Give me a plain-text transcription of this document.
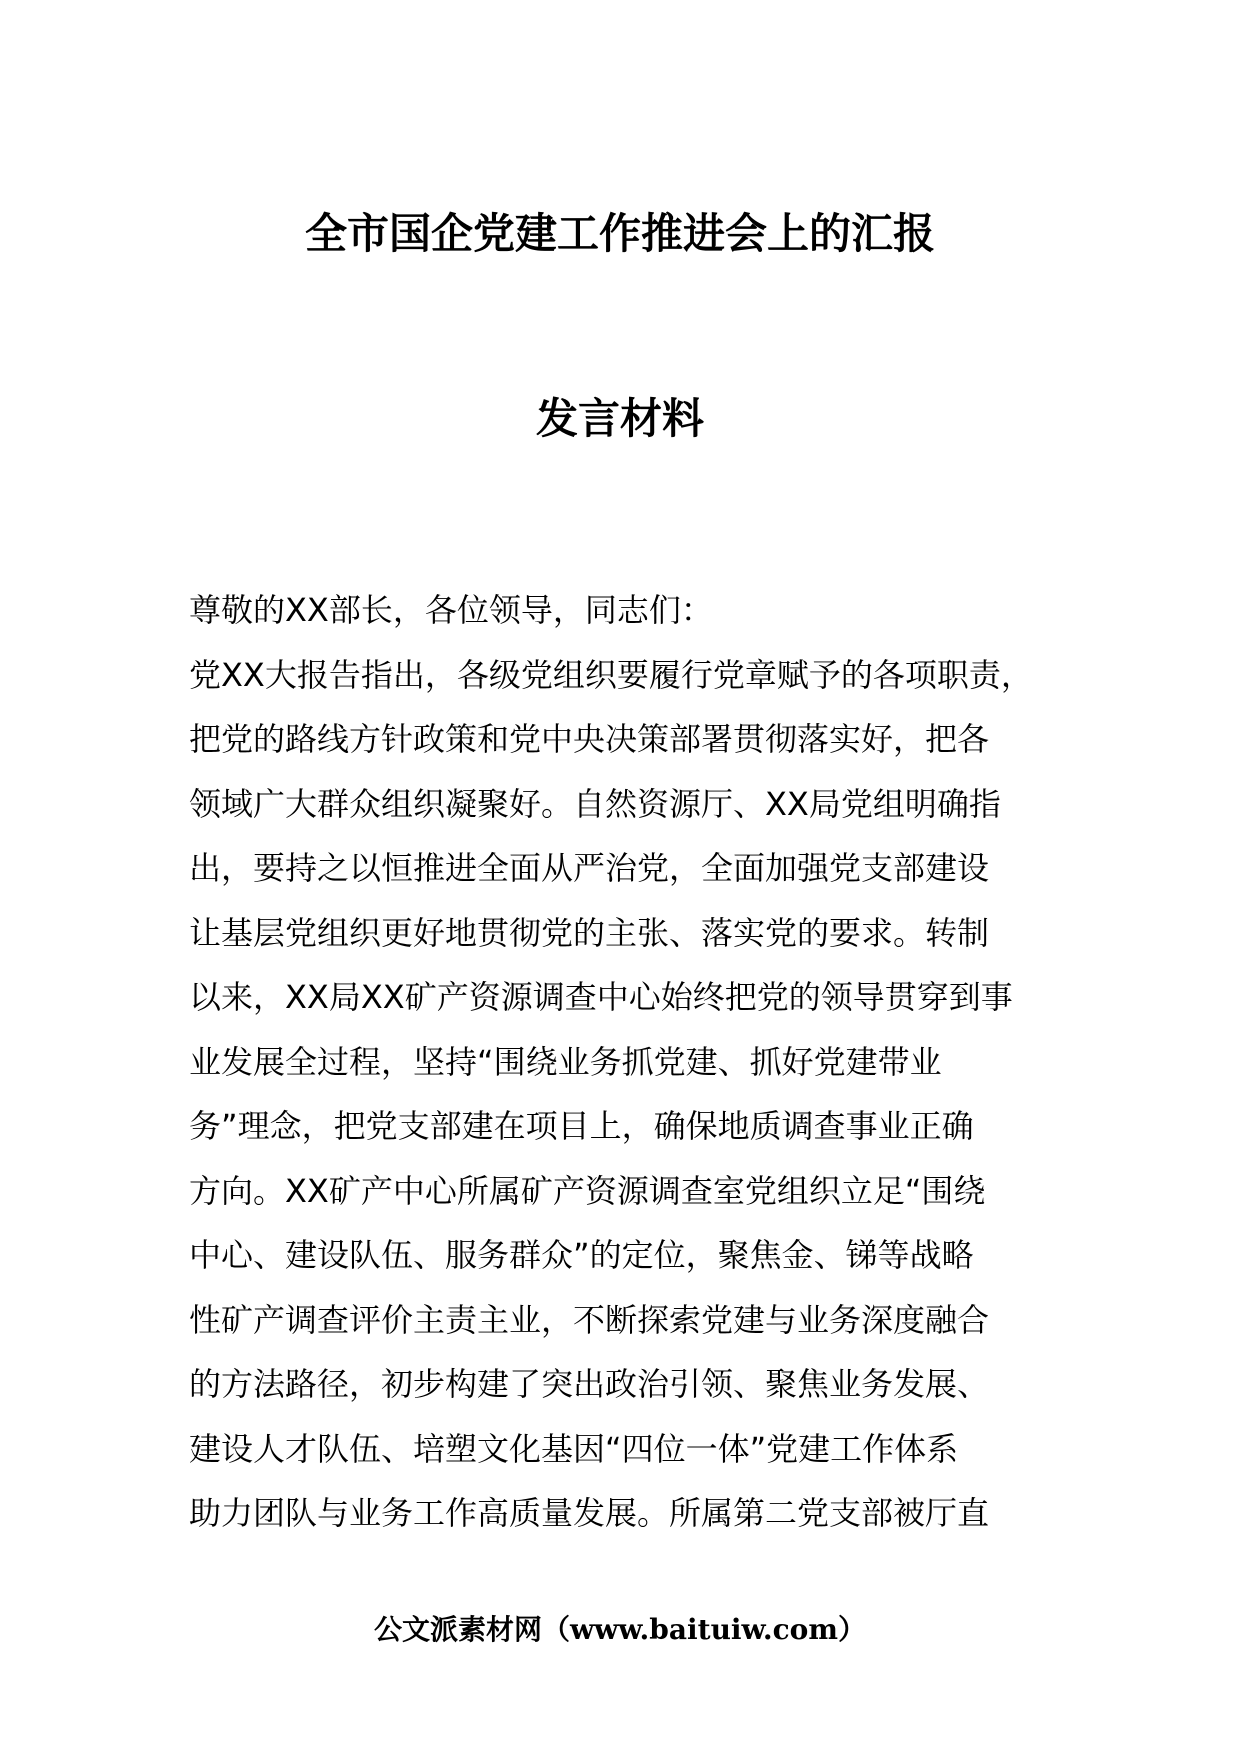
全市国企党建工作推进会上的汇报
发言材料
尊敬的XX部长，各位领导，同志们：
党XX大报告指出，各级党组织要履行党章赋予的各项职责，
把党的路线方针政策和党中央决策部署贯彻落实好，把各
领域广大群众组织凝聚好。自然资源厅、XX局党组明确指
出，要持之以恒推进全面从严治党，全面加强党支部建设
让基层党组织更好地贯彻党的主张、落实党的要求。转制
以来，XX局XX矿产资源调查中心始终把党的领导贯穿到事
业发展全过程，坚持“围绕业务抓党建、抓好党建带业
务”理念，把党支部建在项目上，确保地质调查事业正确
方向。XX矿产中心所属矿产资源调查室党组织立足“围绕
中心、建设队伍、服务群众”的定位，聚焦金、锑等战略
性矿产调查评价主责主业，不断探索党建与业务深度融合
的方法路径，初步构建了突出政治引领、聚焦业务发展、
建设人才队伍、培塑文化基因“四位一体”党建工作体系
助力团队与业务工作高质量发展。所属第二党支部被厅直
公文派素材网（www.baituiw.com）
